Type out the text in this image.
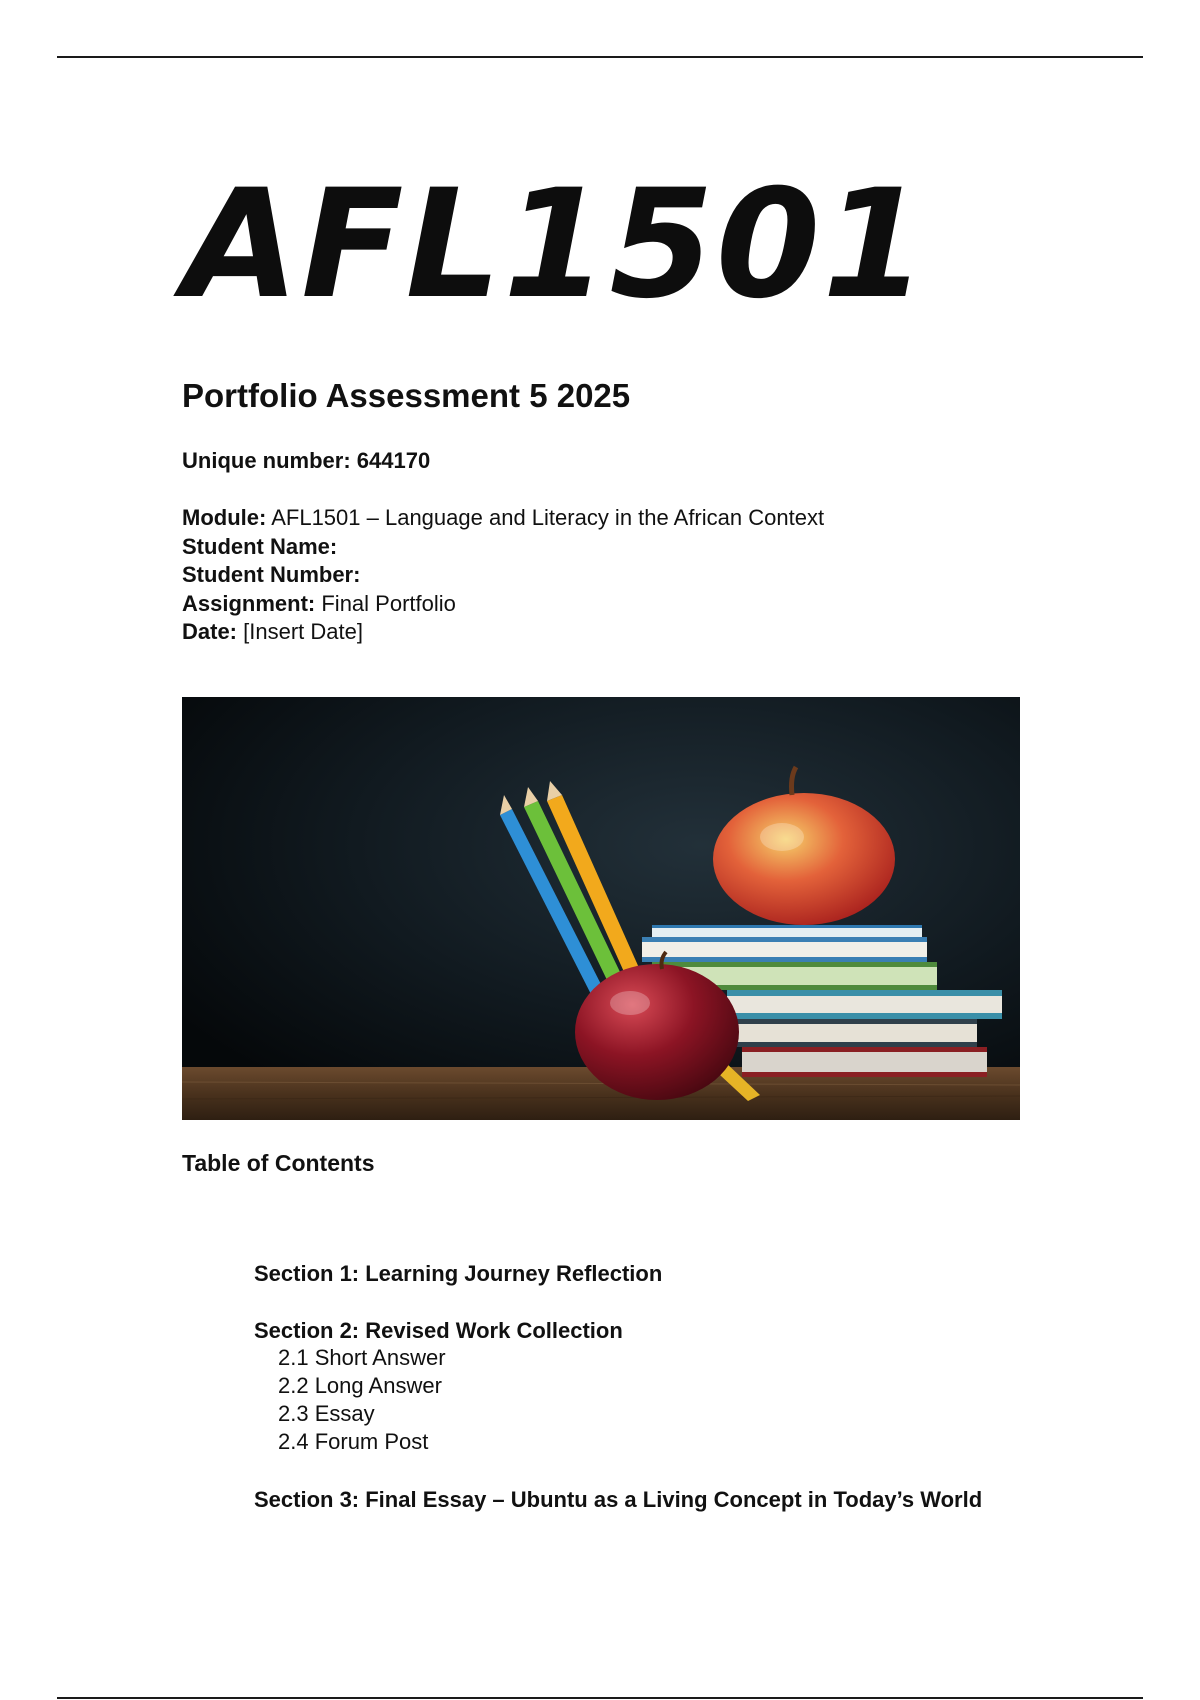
AFL1501
Portfolio Assessment 5 2025
Unique number: 644170
Module: AFL1501 – Language and Literacy in the African Context
Student Name:
Student Number:
Assignment: Final Portfolio
Date: [Insert Date]
Table of Contents
Section 1: Learning Journey Reflection
Section 2: Revised Work Collection
2.1 Short Answer
2.2 Long Answer
2.3 Essay
2.4 Forum Post
Section 3: Final Essay – Ubuntu as a Living Concept in Today’s World
